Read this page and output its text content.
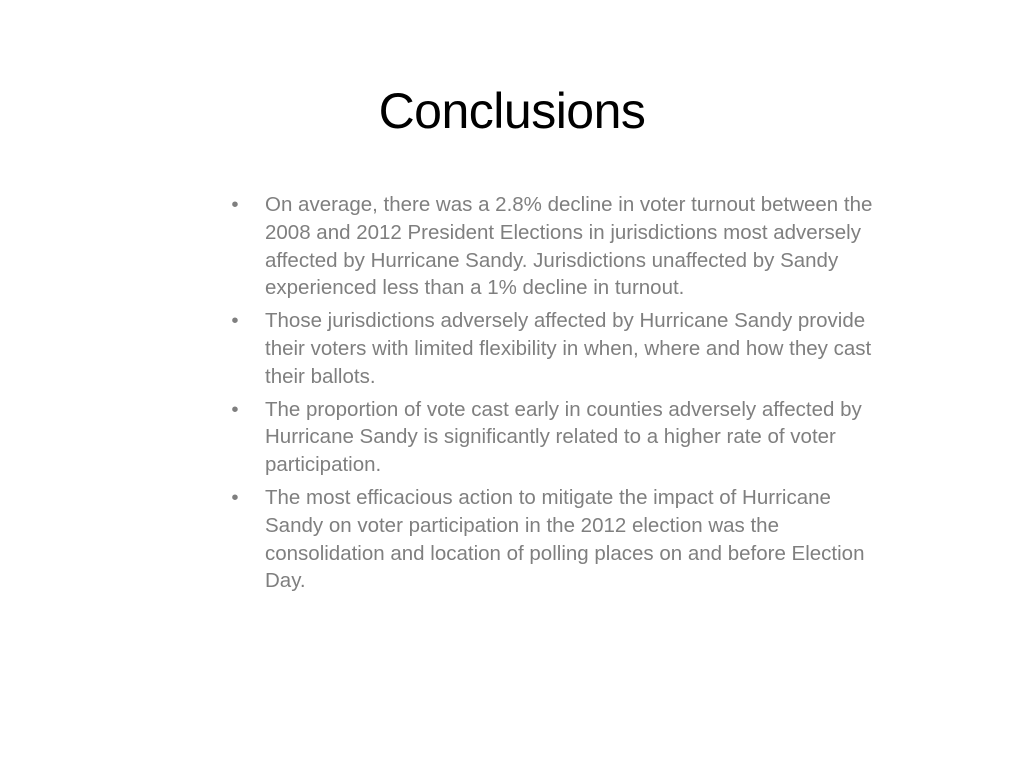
Conclusions
• On average, there was a 2.8% decline in voter turnout between the 2008 and 2012 President Elections in jurisdictions most adversely affected by Hurricane Sandy. Jurisdictions unaffected by Sandy experienced less than a 1% decline in turnout.
• Those jurisdictions adversely affected by Hurricane Sandy provide their voters with limited flexibility in when, where and how they cast their ballots.
• The proportion of vote cast early in counties adversely affected by Hurricane Sandy is significantly related to a higher rate of voter participation.
• The most efficacious action to mitigate the impact of Hurricane Sandy on voter participation in the 2012 election was the consolidation and location of polling places on and before Election Day.
